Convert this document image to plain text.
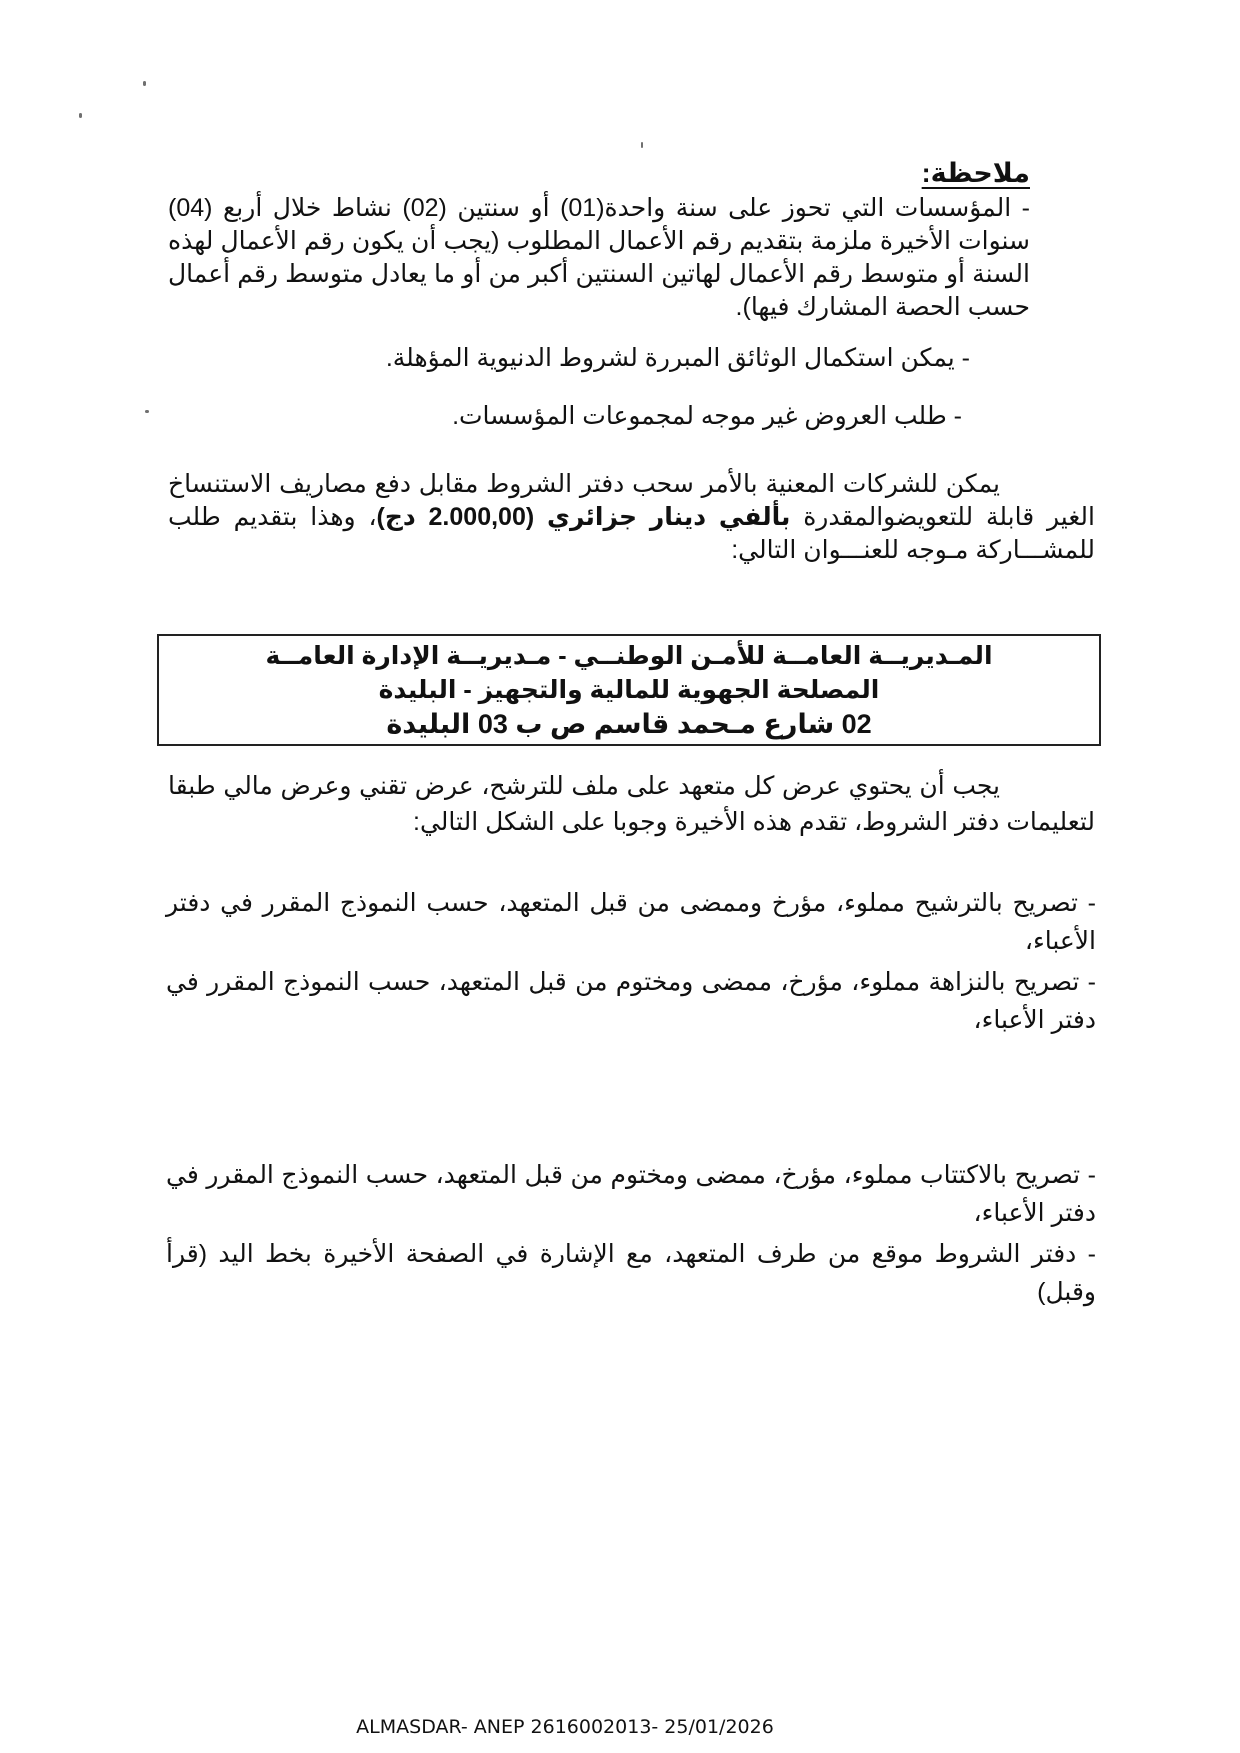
ملاحظة:

- المؤسسات التي تحوز على سنة واحدة(01) أو سنتين (02) نشاط خلال أربع (04) سنوات الأخيرة ملزمة بتقديم رقم الأعمال المطلوب (يجب أن يكون رقم الأعمال لهذه السنة أو متوسط رقم الأعمال لهاتين السنتين أكبر من أو ما يعادل متوسط رقم أعمال حسب الحصة المشارك فيها).

- يمكن استكمال الوثائق المبررة لشروط الدنيوية المؤهلة.

- طلب العروض غير موجه لمجموعات المؤسسات.

يمكن للشركات المعنية بالأمر سحب دفتر الشروط مقابل دفع مصاريف الاستنساخ الغير قابلة للتعويضوالمقدرة بألفي دينار جزائري (2.000,00 دج)، وهذا بتقديم طلب للمشـــاركة مـوجه للعنـــوان التالي:

المـديريــة العامــة للأمـن الوطنــي - مـديريــة الإدارة العامــة
المصلحة الجهوية للمالية والتجهيز - البليدة
02 شارع مـحمد قاسم ص ب 03 البليدة

يجب أن يحتوي عرض كل متعهد على ملف للترشح، عرض تقني وعرض مالي طبقا لتعليمات دفتر الشروط، تقدم هذه الأخيرة وجوبا على الشكل التالي:

- تصريح بالترشيح مملوء، مؤرخ وممضى من قبل المتعهد، حسب النموذج المقرر في دفتر الأعباء،

- تصريح بالنزاهة مملوء، مؤرخ، ممضى ومختوم من قبل المتعهد، حسب النموذج المقرر في دفتر الأعباء،

- تصريح بالاكتتاب مملوء، مؤرخ، ممضى ومختوم من قبل المتعهد، حسب النموذج المقرر في دفتر الأعباء،

- دفتر الشروط موقع من طرف المتعهد، مع الإشارة في الصفحة الأخيرة بخط اليد (قرأ وقبل)

ALMASDAR- ANEP 2616002013- 25/01/2026
